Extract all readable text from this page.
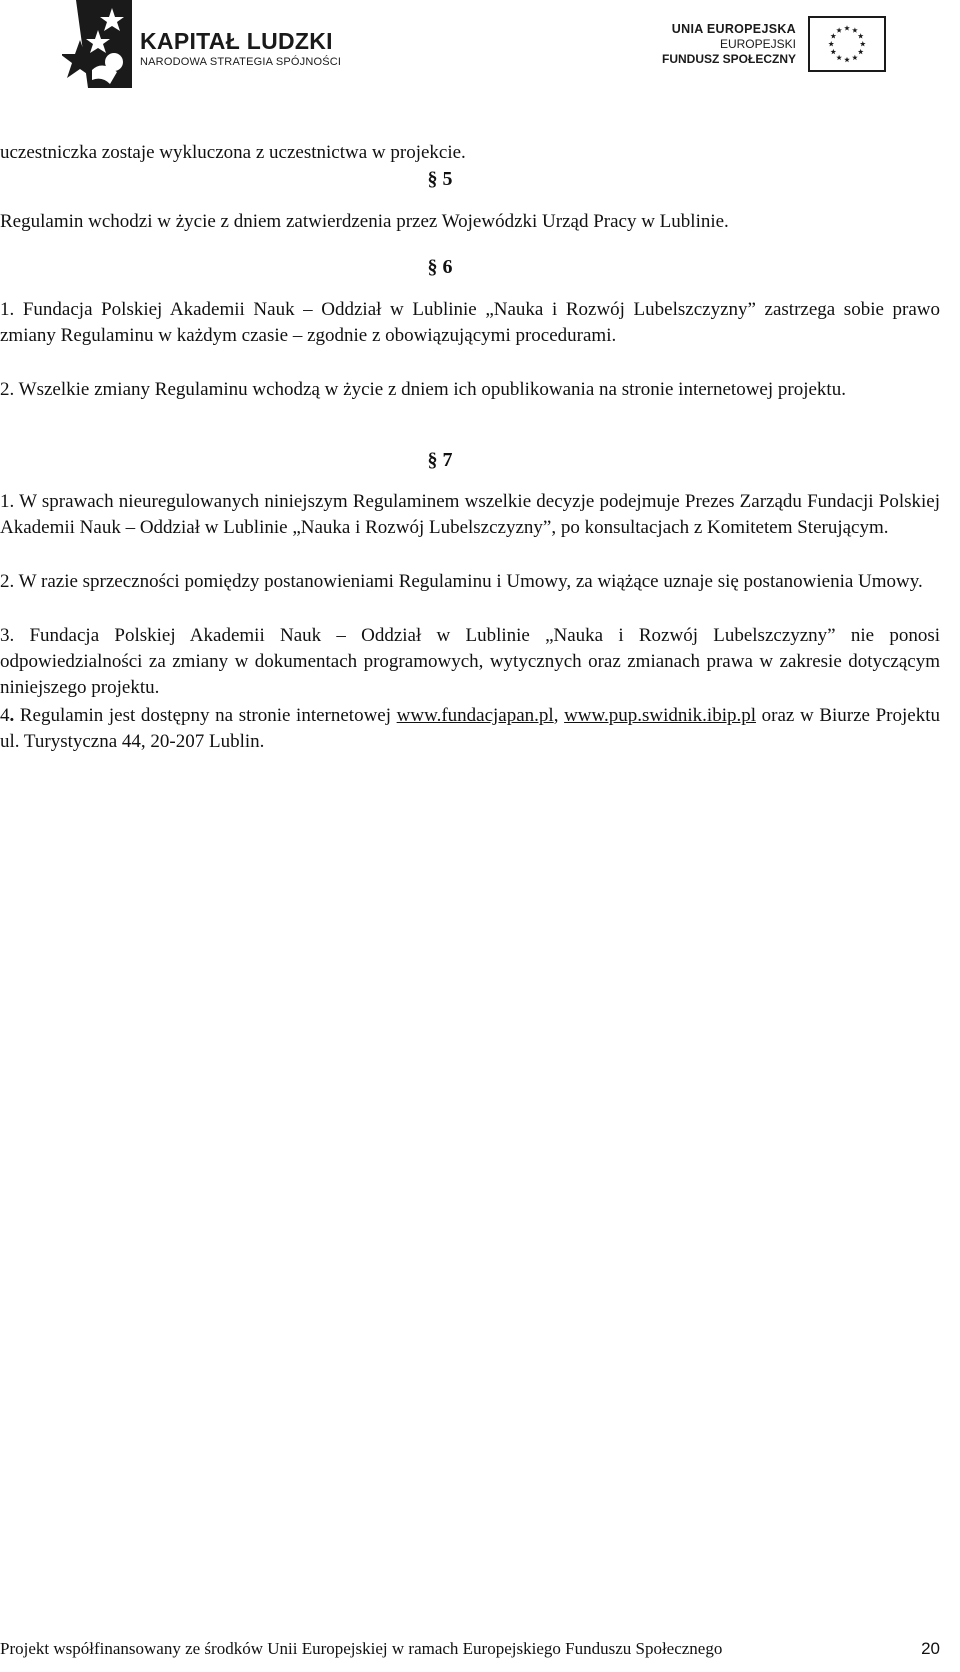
KAPITAŁ LUDZKI
NARODOWA STRATEGIA SPÓJNOŚCI
UNIA EUROPEJSKA
EUROPEJSKI
FUNDUSZ SPOŁECZNY
uczestniczka zostaje wykluczona z uczestnictwa w projekcie.
§ 5
Regulamin wchodzi w życie z dniem zatwierdzenia przez Wojewódzki Urząd Pracy w Lublinie.
§ 6
1. Fundacja Polskiej Akademii Nauk – Oddział w Lublinie „Nauka i Rozwój Lubelszczyzny” zastrzega sobie prawo zmiany Regulaminu w każdym czasie – zgodnie z obowiązującymi procedurami.
2. Wszelkie zmiany Regulaminu wchodzą w życie z dniem ich opublikowania na stronie internetowej projektu.
§ 7
1. W sprawach nieuregulowanych niniejszym Regulaminem wszelkie decyzje podejmuje Prezes Zarządu Fundacji Polskiej Akademii Nauk – Oddział w Lublinie „Nauka i Rozwój Lubelszczyzny”, po konsultacjach z Komitetem Sterującym.
2. W razie sprzeczności pomiędzy postanowieniami Regulaminu i Umowy, za wiążące uznaje się postanowienia Umowy.
3. Fundacja Polskiej Akademii Nauk – Oddział w Lublinie „Nauka i Rozwój Lubelszczyzny” nie ponosi odpowiedzialności za zmiany w dokumentach programowych, wytycznych oraz zmianach prawa w zakresie dotyczącym niniejszego projektu.
4. Regulamin jest dostępny na stronie internetowej www.fundacjapan.pl, www.pup.swidnik.ibip.pl oraz w Biurze Projektu ul. Turystyczna 44, 20-207 Lublin.
Projekt współfinansowany ze środków Unii Europejskiej w ramach Europejskiego Funduszu Społecznego	20
